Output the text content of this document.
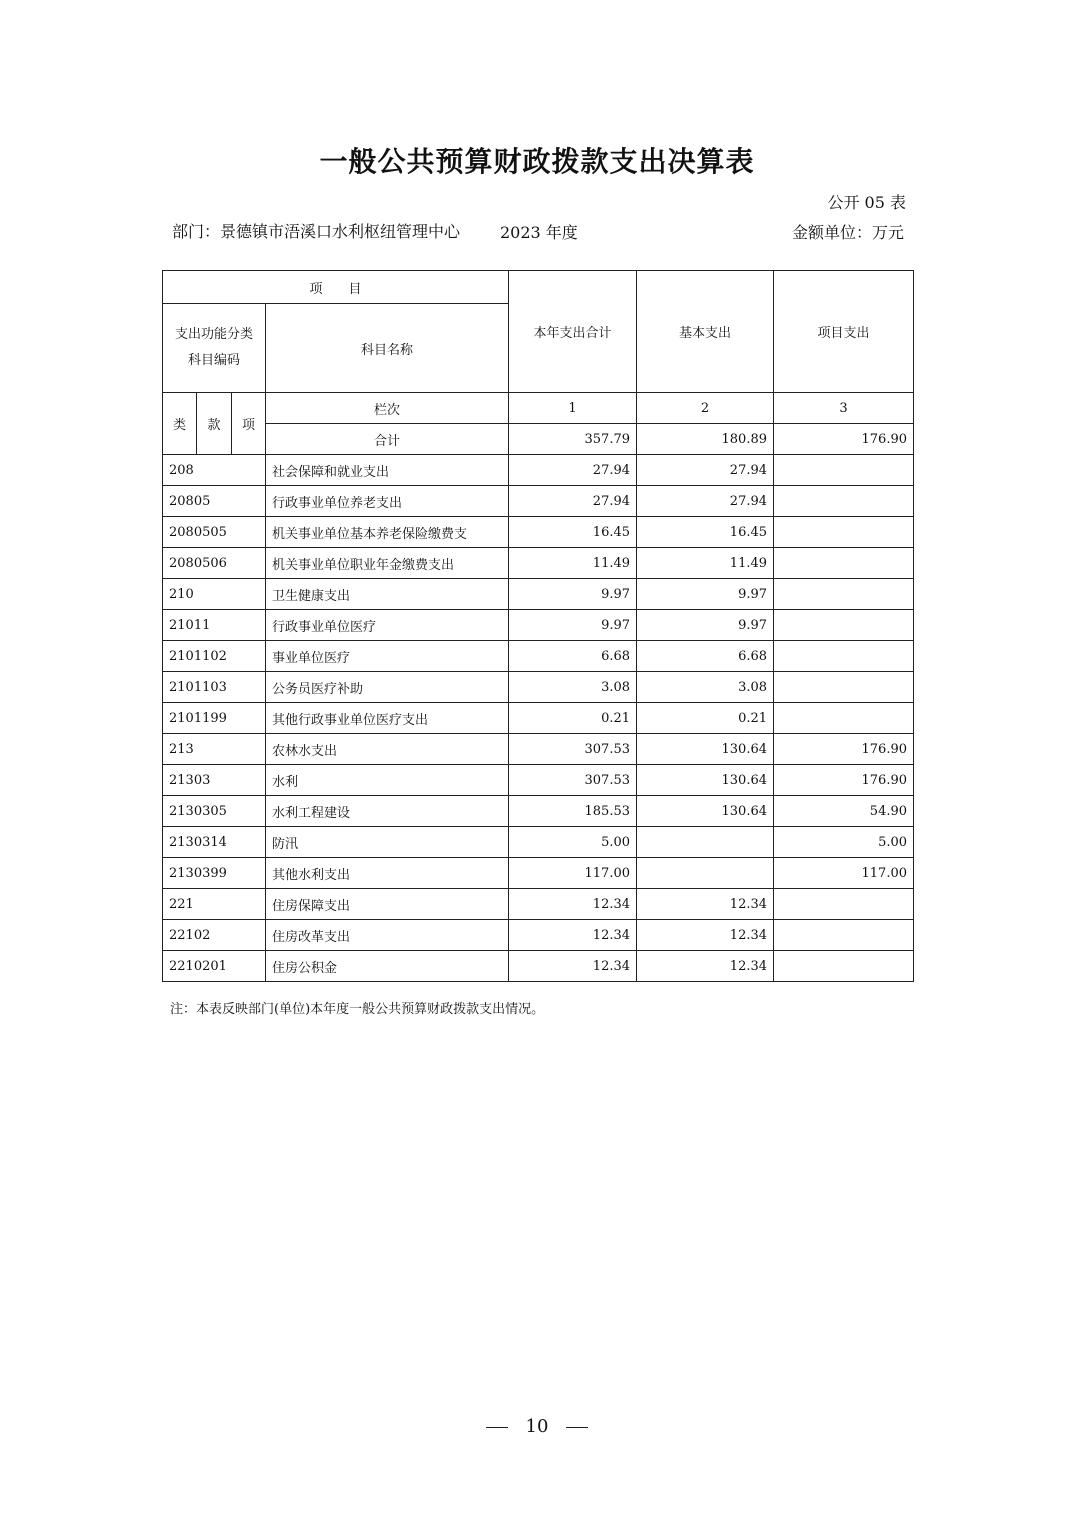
一般公共预算财政拨款支出决算表
公开 05 表
部门：景德镇市浯溪口水利枢纽管理中心 2023 年度	金额单位：万元
项　　目				本年支出合计	基本支出	项目支出
支出功能分类科目编码			科目名称			
类	款	项	栏次	1	2	3
			合计	357.79	180.89	176.90
208			社会保障和就业支出	27.94	27.94	
20805			行政事业单位养老支出	27.94	27.94	
2080505			机关事业单位基本养老保险缴费支	16.45	16.45	
2080506			机关事业单位职业年金缴费支出	11.49	11.49	
210			卫生健康支出	9.97	9.97	
21011			行政事业单位医疗	9.97	9.97	
2101102			事业单位医疗	6.68	6.68	
2101103			公务员医疗补助	3.08	3.08	
2101199			其他行政事业单位医疗支出	0.21	0.21	
213			农林水支出	307.53	130.64	176.90
21303			水利	307.53	130.64	176.90
2130305			水利工程建设	185.53	130.64	54.90
2130314			防汛	5.00		5.00
2130399			其他水利支出	117.00		117.00
221			住房保障支出	12.34	12.34	
22102			住房改革支出	12.34	12.34	
2210201			住房公积金	12.34	12.34	
注：本表反映部门(单位)本年度一般公共预算财政拨款支出情况。
10
